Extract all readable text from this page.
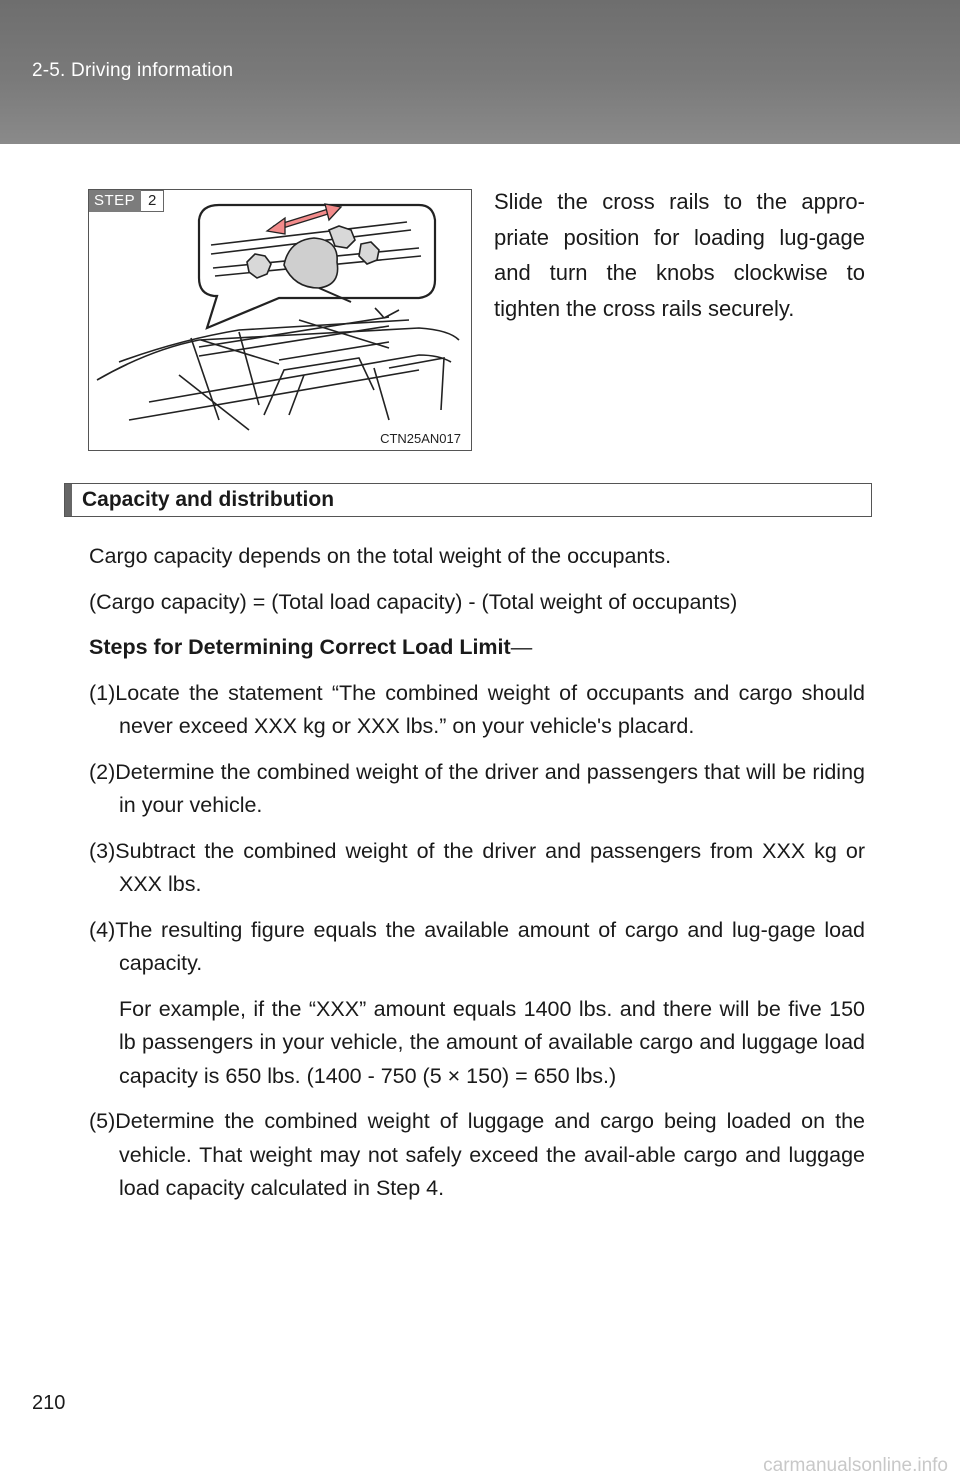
2-5. Driving information
STEP 2
CTN25AN017
Slide the cross rails to the appro-priate position for loading lug-gage and turn the knobs clockwise to tighten the cross rails securely.
Capacity and distribution

Cargo capacity depends on the total weight of the occupants.

(Cargo capacity) = (Total load capacity) - (Total weight of occupants)

Steps for Determining Correct Load Limit—

(1)Locate the statement “The combined weight of occupants and cargo should never exceed XXX kg or XXX lbs.” on your vehicle's placard.

(2)Determine the combined weight of the driver and passengers that will be riding in your vehicle.

(3)Subtract the combined weight of the driver and passengers from XXX kg or XXX lbs.

(4)The resulting figure equals the available amount of cargo and lug-gage load capacity.

For example, if the “XXX” amount equals 1400 lbs. and there will be five 150 lb passengers in your vehicle, the amount of available cargo and luggage load capacity is 650 lbs. (1400 - 750 (5 × 150) = 650 lbs.)

(5)Determine the combined weight of luggage and cargo being loaded on the vehicle. That weight may not safely exceed the avail-able cargo and luggage load capacity calculated in Step 4.

210
carmanualsonline.info
